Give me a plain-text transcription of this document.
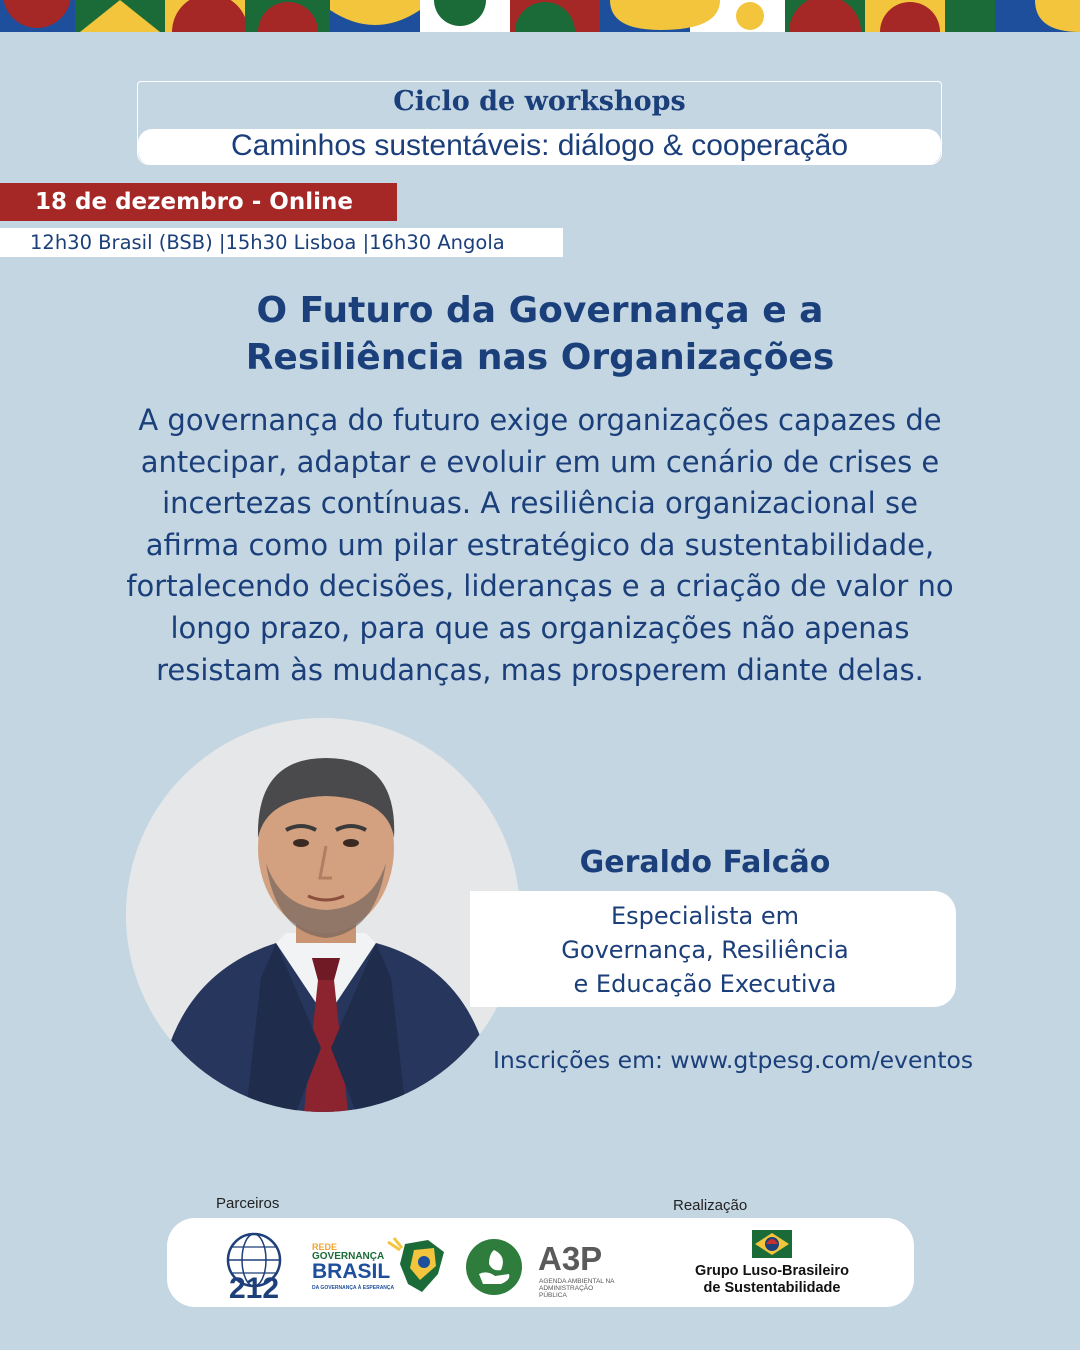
Ciclo de workshops
Caminhos sustentáveis: diálogo & cooperação
18 de dezembro - Online
12h30 Brasil (BSB) |15h30 Lisboa |16h30 Angola
O Futuro da Governança e a
Resiliência nas Organizações
A governança do futuro exige organizações capazes de
antecipar, adaptar e evoluir em um cenário de crises e
incertezas contínuas. A resiliência organizacional se
afirma como um pilar estratégico da sustentabilidade,
fortalecendo decisões, lideranças e a criação de valor no
longo prazo, para que as organizações não apenas
resistam às mudanças, mas prosperem diante delas.
Geraldo Falcão
Especialista em
Governança, Resiliência
e Educação Executiva
Inscrições em: www.gtpesg.com/eventos
Parceiros	Realização
212
REDE
GOVERNANÇA
BRASIL
DA GOVERNANÇA À ESPERANÇA
A3P
AGENDA AMBIENTAL NA
ADMINISTRAÇÃO PÚBLICA
Grupo Luso-Brasileiro
de Sustentabilidade
